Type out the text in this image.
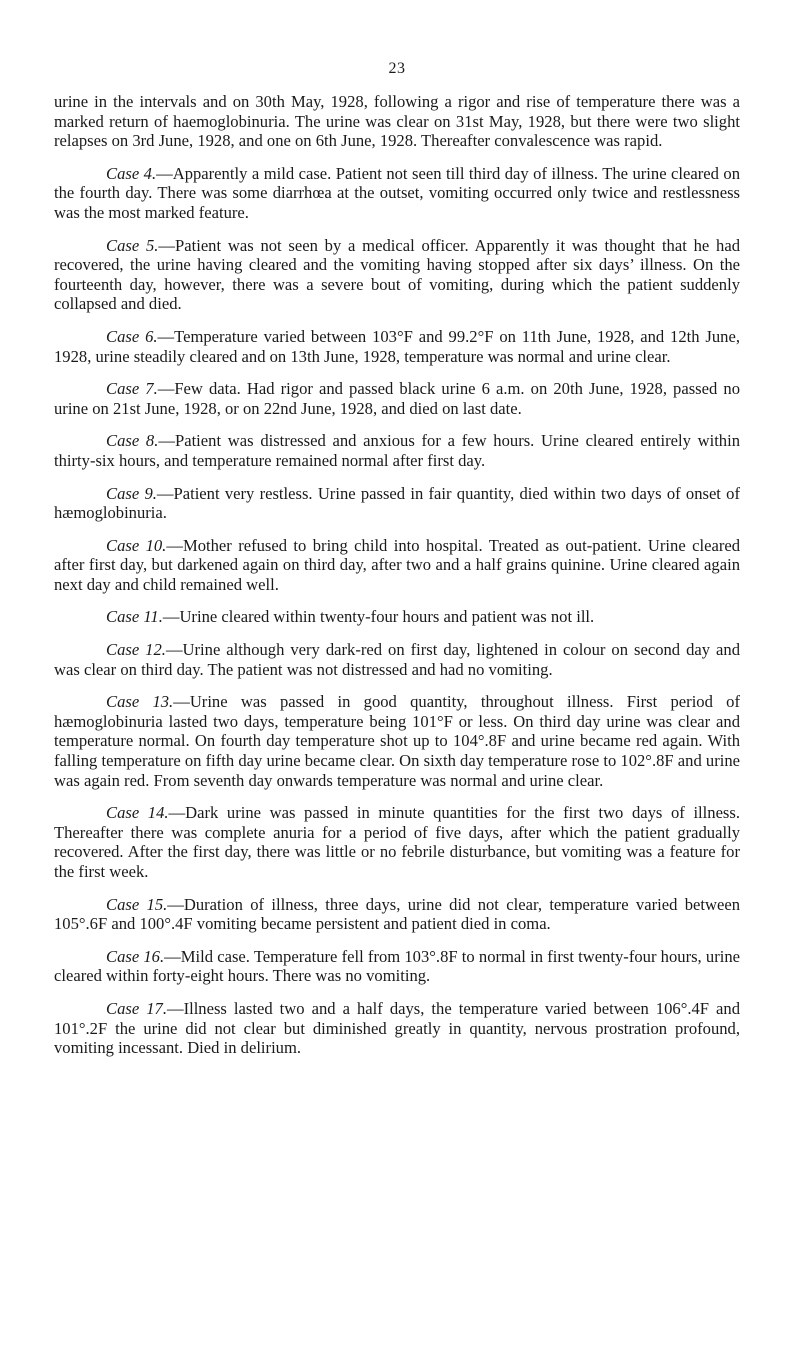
23

urine in the intervals and on 30th May, 1928, following a rigor and rise of temperature there was a marked return of haemoglobinuria. The urine was clear on 31st May, 1928, but there were two slight relapses on 3rd June, 1928, and one on 6th June, 1928. Thereafter convalescence was rapid.

Case 4.—Apparently a mild case. Patient not seen till third day of illness. The urine cleared on the fourth day. There was some diarrhœa at the outset, vomiting occurred only twice and restlessness was the most marked feature.

Case 5.—Patient was not seen by a medical officer. Apparently it was thought that he had recovered, the urine having cleared and the vomiting having stopped after six days’ illness. On the fourteenth day, however, there was a severe bout of vomiting, during which the patient suddenly collapsed and died.

Case 6.—Temperature varied between 103°F and 99.2°F on 11th June, 1928, and 12th June, 1928, urine steadily cleared and on 13th June, 1928, temperature was normal and urine clear.

Case 7.—Few data. Had rigor and passed black urine 6 a.m. on 20th June, 1928, passed no urine on 21st June, 1928, or on 22nd June, 1928, and died on last date.

Case 8.—Patient was distressed and anxious for a few hours. Urine cleared entirely within thirty-six hours, and temperature remained normal after first day.

Case 9.—Patient very restless. Urine passed in fair quantity, died within two days of onset of hæmoglobinuria.

Case 10.—Mother refused to bring child into hospital. Treated as out-patient. Urine cleared after first day, but darkened again on third day, after two and a half grains quinine. Urine cleared again next day and child remained well.

Case 11.—Urine cleared within twenty-four hours and patient was not ill.

Case 12.—Urine although very dark-red on first day, lightened in colour on second day and was clear on third day. The patient was not distressed and had no vomiting.

Case 13.—Urine was passed in good quantity, throughout illness. First period of hæmoglobinuria lasted two days, temperature being 101°F or less. On third day urine was clear and temperature normal. On fourth day temperature shot up to 104°.8F and urine became red again. With falling temperature on fifth day urine became clear. On sixth day temperature rose to 102°.8F and urine was again red. From seventh day onwards temperature was normal and urine clear.

Case 14.—Dark urine was passed in minute quantities for the first two days of illness. Thereafter there was complete anuria for a period of five days, after which the patient gradually recovered. After the first day, there was little or no febrile disturbance, but vomiting was a feature for the first week.

Case 15.—Duration of illness, three days, urine did not clear, temperature varied between 105°.6F and 100°.4F vomiting became persistent and patient died in coma.

Case 16.—Mild case. Temperature fell from 103°.8F to normal in first twenty-four hours, urine cleared within forty-eight hours. There was no vomiting.

Case 17.—Illness lasted two and a half days, the temperature varied between 106°.4F and 101°.2F the urine did not clear but diminished greatly in quantity, nervous prostration profound, vomiting incessant. Died in delirium.
